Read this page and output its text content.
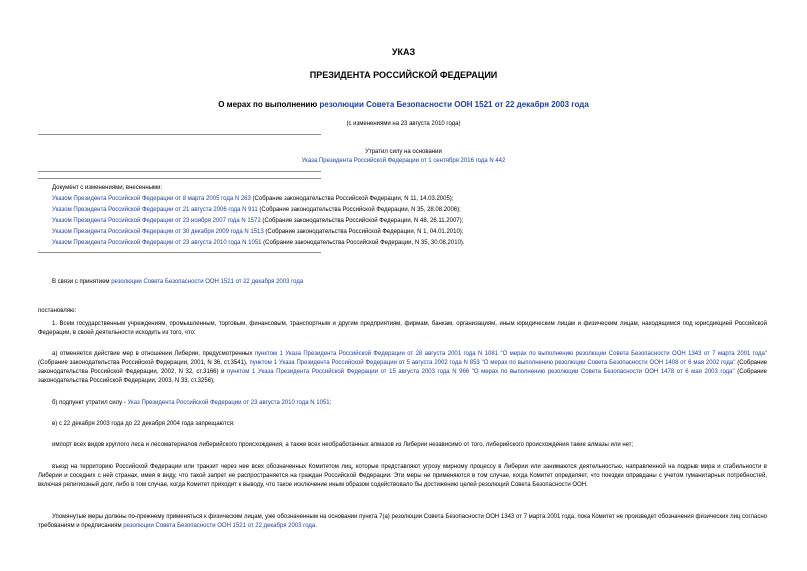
УКАЗ
ПРЕЗИДЕНТА РОССИЙСКОЙ ФЕДЕРАЦИИ
О мерах по выполнению резолюции Совета Безопасности ООН 1521 от 22 декабря 2003 года
(с изменениями на 23 августа 2010 года)
Утратил силу на основании
Указа Президента Российской Федерации от 1 сентября 2016 года N 442
Документ с изменениями, внесенными:
Указом Президента Российской Федерации от 8 марта 2005 года N 263 (Собрание законодательства Российской Федерации, N 11, 14.03.2005);
Указом Президента Российской Федерации от 21 августа 2006 года N 911 (Собрание законодательства Российской Федерации, N 35, 28.08.2006);
Указом Президента Российской Федерации от 23 ноября 2007 года N 1572 (Собрание законодательства Российской Федерации, N 48, 26.11.2007);
Указом Президента Российской Федерации от 30 декабря 2009 года N 1513 (Собрание законодательства Российской Федерации, N 1, 04.01.2010);
Указом Президента Российской Федерации от 23 августа 2010 года N 1051 (Собрание законодательства Российской Федерации, N 35, 30.08.2010).
В связи с принятием резолюции Совета Безопасности ООН 1521 от 22 декабря 2003 года
постановляю:
1. Всем государственным учреждениям, промышленным, торговым, финансовым, транспортным и другим предприятиям, фирмам, банкам, организациям, иным юридическим лицам и физическим лицам, находящимся под юрисдикцией Российской Федерации, в своей деятельности исходить из того, что:
а) отменяется действие мер в отношении Либерии, предусмотренных пунктом 1 Указа Президента Российской Федерации от 28 августа 2001 года N 1081 "О мерах по выполнению резолюции Совета Безопасности ООН 1343 от 7 марта 2001 года" (Собрание законодательства Российской Федерации, 2001, N 36, ст.3541), пунктом 1 Указа Президента Российской Федерации от 5 августа 2002 года N 853 "О мерах по выполнению резолюции Совета Безопасности ООН 1408 от 6 мая 2002 года" (Собрание законодательства Российской Федерации, 2002, N 32, ст.3166) и пунктом 1 Указа Президента Российской Федерации от 15 августа 2003 года N 966 "О мерах по выполнению резолюции Совета Безопасности ООН 1478 от 6 мая 2003 года" (Собрание законодательства Российской Федерации, 2003, N 33, ст.3256);
б) подпункт утратил силу - Указ Президента Российской Федерации от 23 августа 2010 года N 1051;
в) с 22 декабря 2003 года до 22 декабря 2004 года запрещаются:
импорт всех видов круглого леса и лесоматериалов либерийского происхождения, а также всех необработанных алмазов из Либерии независимо от того, либерийского происхождения такие алмазы или нет;
въезд на территорию Российской Федерации или транзит через нее всех обозначенных Комитетом лиц, которые представляют угрозу мирному процессу в Либерии или занимаются деятельностью, направленной на подрыв мира и стабильности в Либерии и соседних с ней странах, имея в виду, что такой запрет не распространяется на граждан Российской Федерации. Эти меры не применяются в том случае, когда Комитет определяет, что поездки оправданы с учетом гуманитарных потребностей, включая религиозный долг, либо в том случае, когда Комитет приходит к выводу, что такое исключение иным образом содействовало бы достижению целей резолюций Совета Безопасности ООН.
Упомянутые меры должны по-прежнему применяться к физическим лицам, уже обозначенным на основании пункта 7(а) резолюции Совета Безопасности ООН 1343 от 7 марта 2001 года, пока Комитет не произведет обозначения физических лиц согласно требованиям и предписаниям резолюции Совета Безопасности ООН 1521 от 22 декабря 2003 года.
